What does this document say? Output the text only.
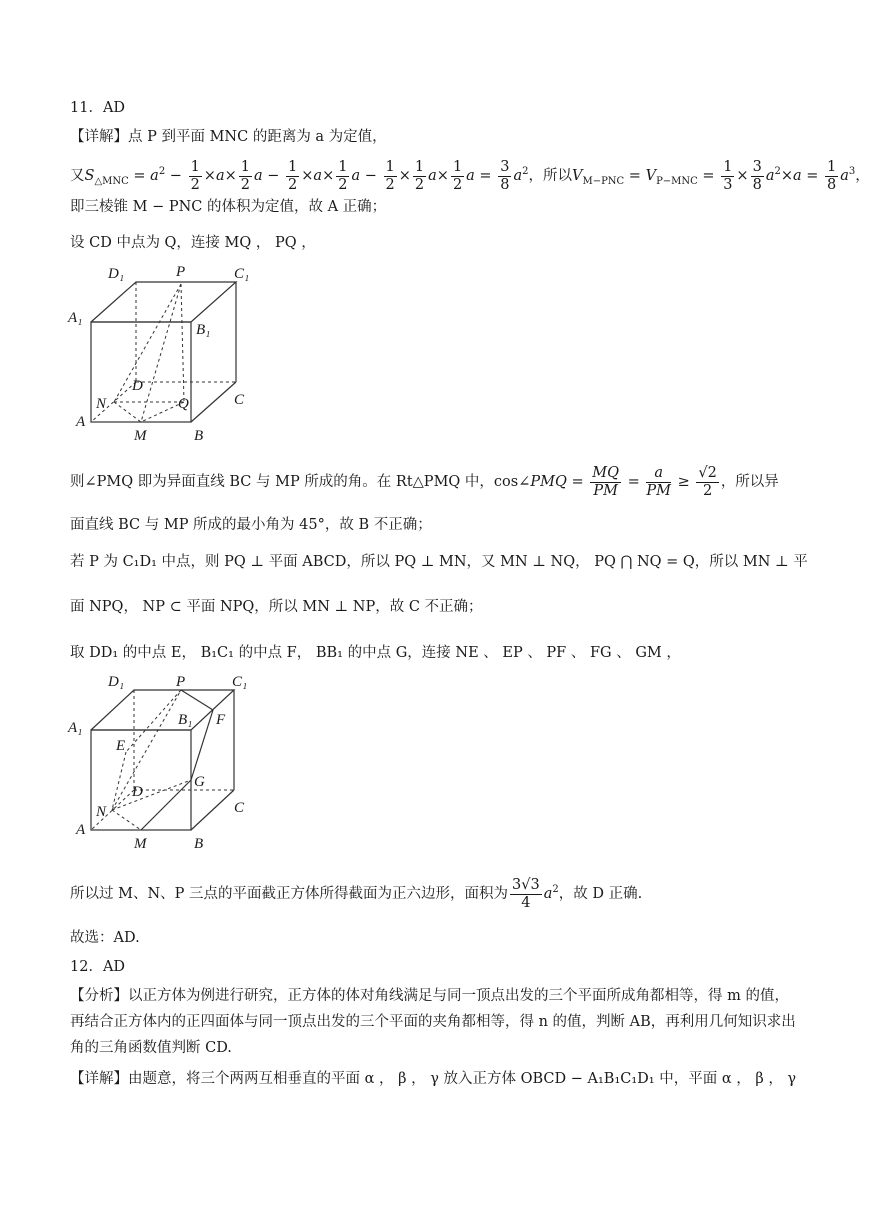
11．AD
【详解】点 P 到平面 MNC 的距离为 a 为定值，
又$S_{\triangle MNC} = a^2 - \frac{1}{2} \times a\times \frac{1}{2}$ $a - \frac{1}{2} \times a\times \frac{1}{2}$ $a - \frac{1}{2} \times \frac{1}{2} a\times \frac{1}{2}$ $a = \frac{3}{8} a^2$，所以$V_{M-PNC} = V_{P-MNC} = \frac{1}{3} \times \frac{3}{8} a^2\times a = \frac{1}{8} a^3$，
即三棱锥 M − PNC 的体积为定值，故 A 正确；
设 CD 中点为 Q，连接 MQ ， PQ ，
D₁	P	C₁
A₁
B₁
D
N	Q	C
A
M	B
则∠PMQ 即为异面直线 BC 与 MP 所成的角。在 Rt△PMQ 中，cos∠PMQ = $\frac{MQ}{PM} = \frac{a}{PM} \ge \frac{√2}{2}$ ，所以异
面直线 BC 与 MP 所成的最小角为 45°，故 B 不正确；
若 P 为 C₁D₁ 中点，则 PQ ⊥ 平面 ABCD，所以 PQ ⊥ MN，又 MN ⊥ NQ， PQ ⋂ NQ = Q，所以 MN ⊥ 平
面 NPQ， NP ⊂ 平面 NPQ，所以 MN ⊥ NP，故 C 不正确；
取 DD₁ 的中点 E， B₁C₁ 的中点 F， BB₁ 的中点 G，连接 NE 、 EP 、 PF 、 FG 、 GM ，
D₁	P	C₁
A₁	B₁ F
E
G
D
N	C
A
M	B
所以过 M、N、P 三点的平面截正方体所得截面为正六边形，面积为 $\frac{3√3}{4} a^2$，故 D 正确.
故选：AD.
12．AD
【分析】以正方体为例进行研究，正方体的体对角线满足与同一顶点出发的三个平面所成角都相等，得 m 的值，再结合正方体内的正四面体与同一顶点出发的三个平面的夹角都相等，得 n 的值，判断 AB，再利用几何知识求出角的三角函数值判断 CD.
【详解】由题意，将三个两两互相垂直的平面 α ， β ， γ 放入正方体 OBCD − A₁B₁C₁D₁ 中，平面 α ， β ， γ
